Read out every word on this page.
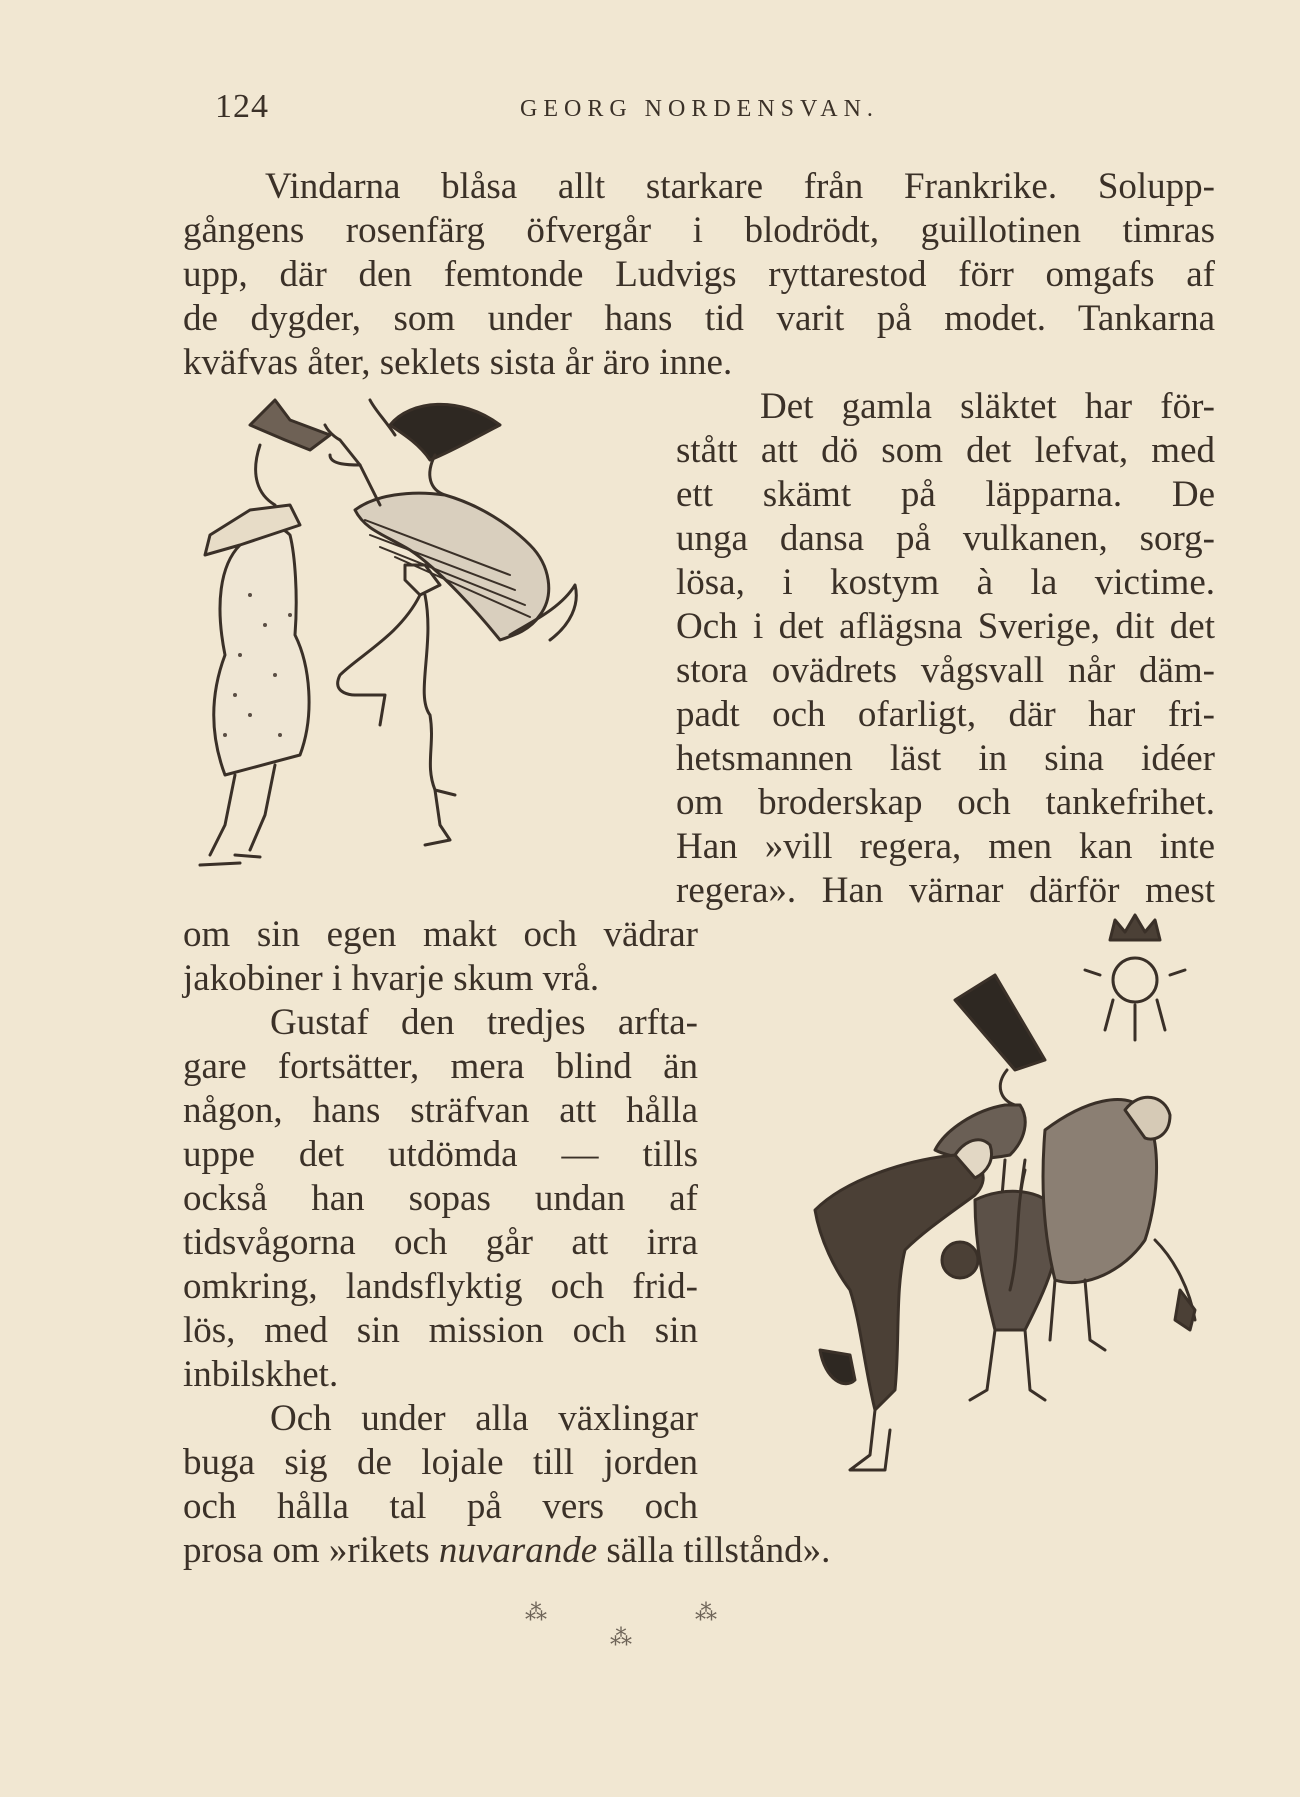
124	GEORG NORDENSVAN.
Vindarna blåsa allt starkare från Frankrike. Solupp-
gångens rosenfärg öfvergår i blodrödt, guillotinen timras
upp, där den femtonde Ludvigs ryttarestod förr omgafs af
de dygder, som under hans tid varit på modet. Tankarna
kväfvas åter, seklets sista år äro inne.
Det gamla släktet har för-
stått att dö som det lefvat, med
ett skämt på läpparna. De
unga dansa på vulkanen, sorg-
lösa, i kostym à la victime.
Och i det aflägsna Sverige, dit det
stora ovädrets vågsvall når däm-
padt och ofarligt, där har fri-
hetsmannen läst in sina idéer
om broderskap och tankefrihet.
Han »vill regera, men kan inte
regera». Han värnar därför mest
om sin egen makt och vädrar
jakobiner i hvarje skum vrå.
Gustaf den tredjes arfta-
gare fortsätter, mera blind än
någon, hans sträfvan att hålla
uppe det utdömda — tills
också han sopas undan af
tidsvågorna och går att irra
omkring, landsflyktig och frid-
lös, med sin mission och sin
inbilskhet.
Och under alla växlingar
buga sig de lojale till jorden
och hålla tal på vers och
prosa om »rikets nuvarande sälla tillstånd».
⁂	⁂
⁂
